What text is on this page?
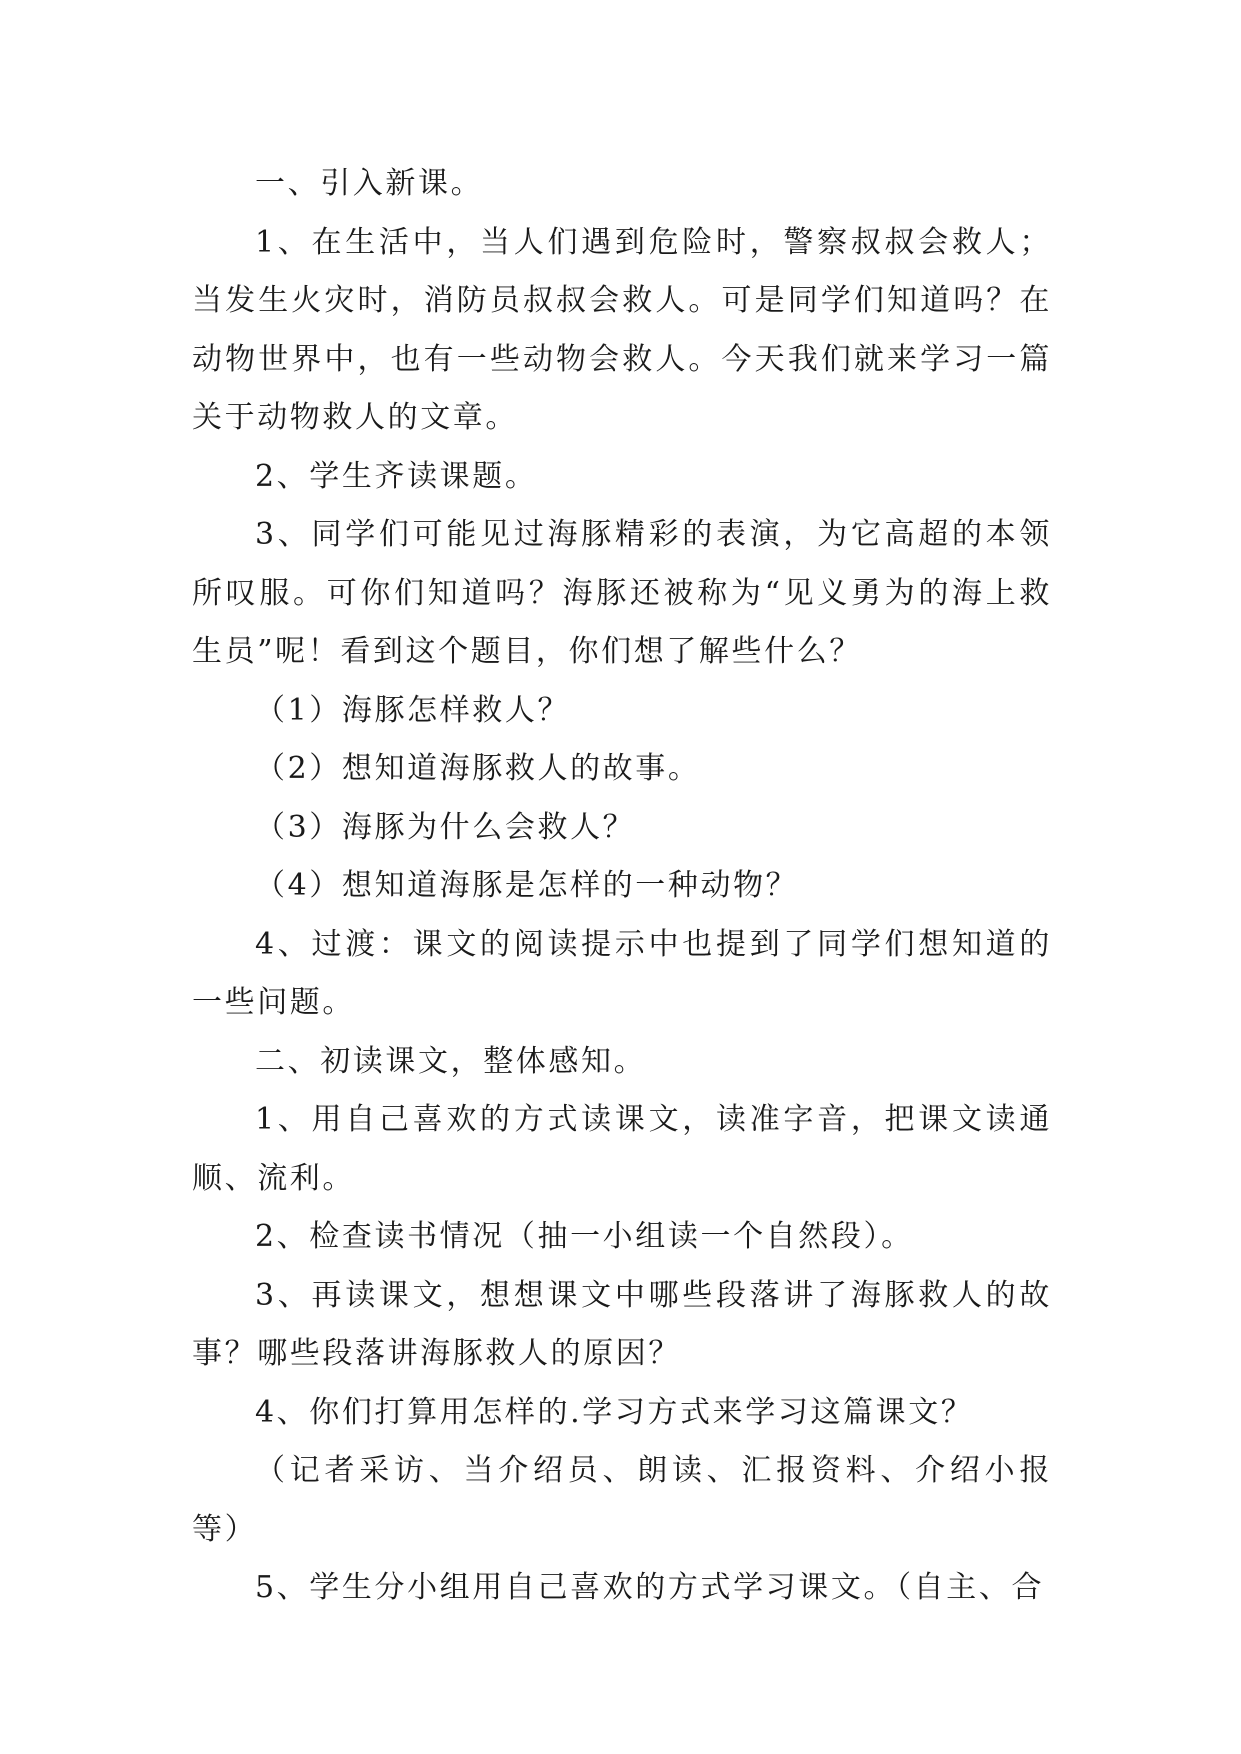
一、引入新课。

1、在生活中，当人们遇到危险时，警察叔叔会救人；当发生火灾时，消防员叔叔会救人。可是同学们知道吗？在动物世界中，也有一些动物会救人。今天我们就来学习一篇关于动物救人的文章。

2、学生齐读课题。

3、同学们可能见过海豚精彩的表演，为它高超的本领所叹服。可你们知道吗？海豚还被称为“见义勇为的海上救生员”呢！看到这个题目，你们想了解些什么？

（1）海豚怎样救人？

（2）想知道海豚救人的故事。

（3）海豚为什么会救人？

（4）想知道海豚是怎样的一种动物？

4、过渡：课文的阅读提示中也提到了同学们想知道的一些问题。

二、初读课文，整体感知。

1、用自己喜欢的方式读课文，读准字音，把课文读通顺、流利。

2、检查读书情况（抽一小组读一个自然段）。

3、再读课文，想想课文中哪些段落讲了海豚救人的故事？哪些段落讲海豚救人的原因？

4、你们打算用怎样的.学习方式来学习这篇课文？

（记者采访、当介绍员、朗读、汇报资料、介绍小报等）

5、学生分小组用自己喜欢的方式学习课文。（自主、合
